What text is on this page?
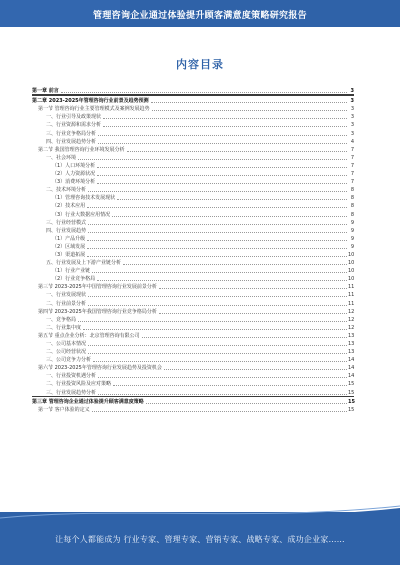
管理咨询企业通过体验提升顾客满意度策略研究报告
内容目录
第一章 前言	3
第二章 2023-2025年管理咨询行业前景及趋势预测	3
第一节 管理咨询行业主要管理模式及案例发展趋势	3
一、行业引导及政策现状	3
二、行业资源和需求分析	3
三、行业竞争格局分析	3
四、行业发展趋势分析	4
第二节 我国管理咨询行业环境发展分析	7
一、社会环境	7
（1）人口环境分析	7
（2）人力资源状况	7
（3）消费环境分析	7
二、技术环境分析	8
（1）管理咨询技术发展现状	8
（2）技术应用	8
（3）行业大数据应用情况	8
三、行业经营模式	9
四、行业发展趋势	9
（1）产品升级	9
（2）区域发展	9
（3）渠道拓展	10
五、行业发展及上下游产业链分析	10
（1）行业产业链	10
（2）行业竞争格局	10
第三节 2023-2025年中国管理咨询行业发展前景分析	11
一、行业发展现状	11
二、行业前景分析	11
第四节 2023-2025年我国管理咨询行业竞争格局分析	12
一、竞争格局	12
二、行业集中度	12
第五节 重点企业分析：北京管理咨询有限公司	13
一、公司基本情况	13
二、公司经营状况	13
三、公司竞争力分析	14
第六节 2023-2025年管理咨询行业发展趋势及投资机会	14
一、行业投资机遇分析	14
二、行业投资风险及应对策略	15
三、行业发展趋势分析	15
第三章 管理咨询企业通过体验提升顾客满意度策略	15
第一节 客户体验的定义	15
让每个人都能成为 行业专家、管理专家、营销专家、战略专家、成功企业家……
